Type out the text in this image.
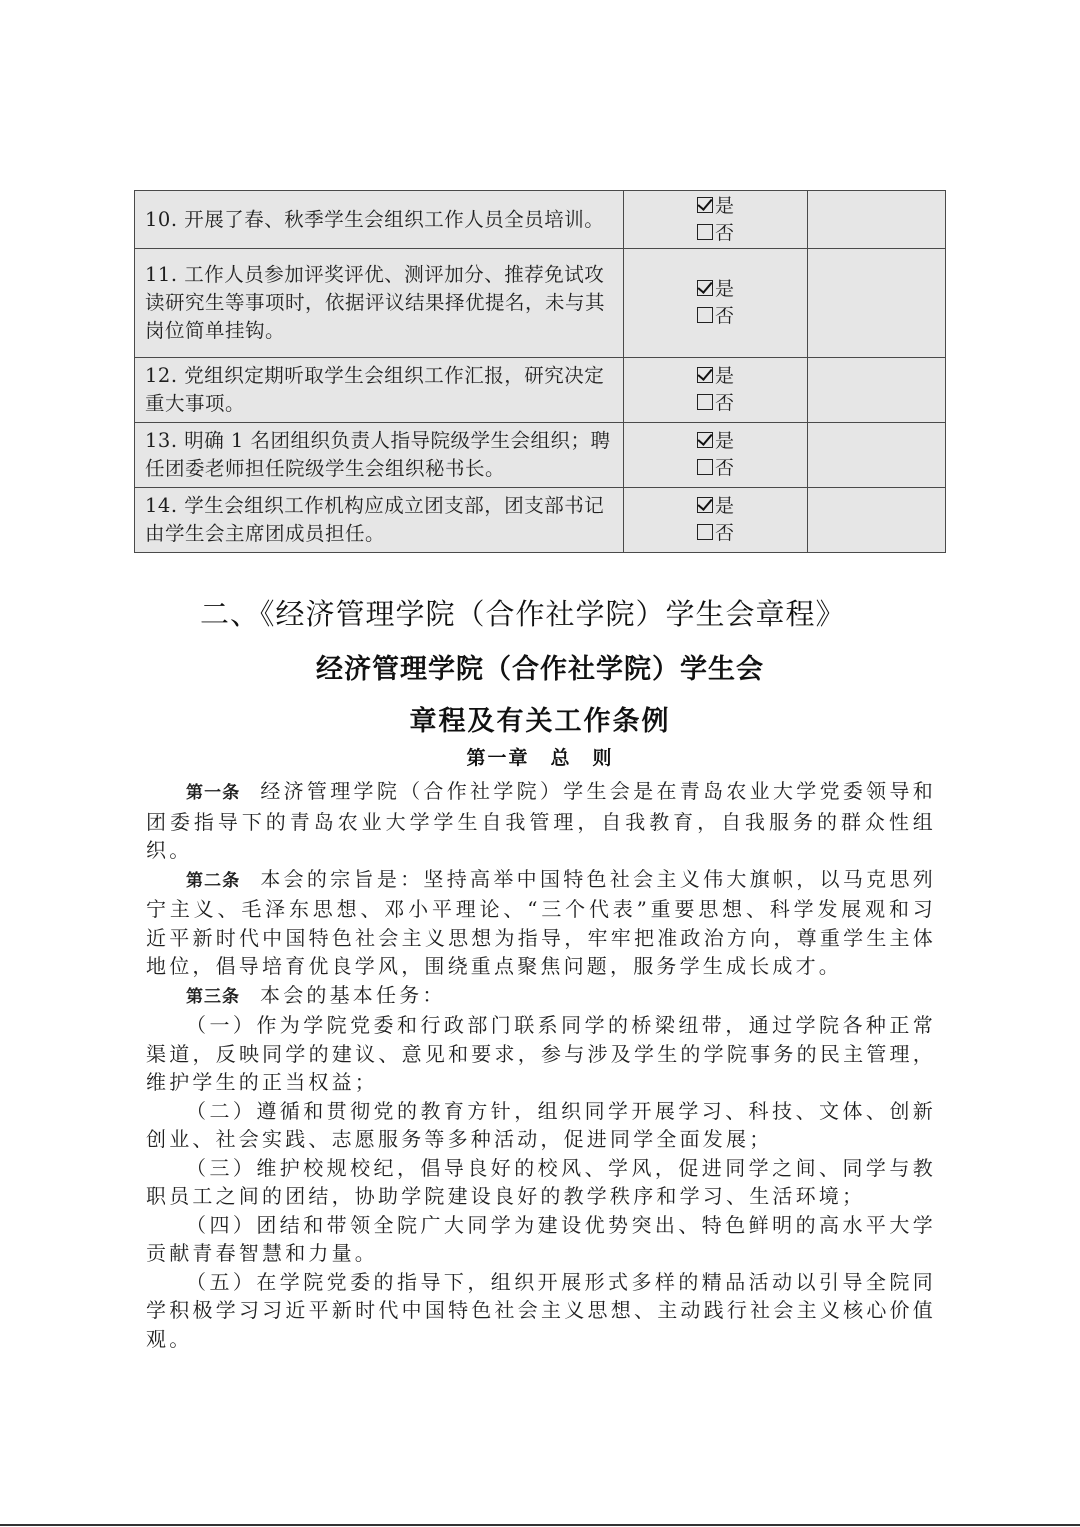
10. 开展了春、秋季学生会组织工作人员全员培训。	是
否	

11. 工作人员参加评奖评优、测评加分、推荐免试攻读研究生等事项时，依据评议结果择优提名，未与其岗位简单挂钩。	是
否	

12. 党组织定期听取学生会组织工作汇报，研究决定重大事项。	是
否	

13. 明确 1 名团组织负责人指导院级学生会组织；聘任团委老师担任院级学生会组织秘书长。	是
否	

14. 学生会组织工作机构应成立团支部，团支部书记由学生会主席团成员担任。	是
否	

二、《经济管理学院（合作社学院）学生会章程》
经济管理学院（合作社学院）学生会
章程及有关工作条例
第一章　总　则

第一条 经济管理学院（合作社学院）学生会是在青岛农业大学党委领导和团委指导下的青岛农业大学学生自我管理，自我教育，自我服务的群众性组织。

第二条 本会的宗旨是：坚持高举中国特色社会主义伟大旗帜，以马克思列宁主义、毛泽东思想、邓小平理论、“三个代表”重要思想、科学发展观和习近平新时代中国特色社会主义思想为指导，牢牢把准政治方向，尊重学生主体地位，倡导培育优良学风，围绕重点聚焦问题，服务学生成长成才。

第三条 本会的基本任务：

（一）作为学院党委和行政部门联系同学的桥梁纽带，通过学院各种正常渠道，反映同学的建议、意见和要求，参与涉及学生的学院事务的民主管理，维护学生的正当权益；

（二）遵循和贯彻党的教育方针，组织同学开展学习、科技、文体、创新创业、社会实践、志愿服务等多种活动，促进同学全面发展；

（三）维护校规校纪，倡导良好的校风、学风，促进同学之间、同学与教职员工之间的团结，协助学院建设良好的教学秩序和学习、生活环境；

（四）团结和带领全院广大同学为建设优势突出、特色鲜明的高水平大学贡献青春智慧和力量。

（五）在学院党委的指导下，组织开展形式多样的精品活动以引导全院同学积极学习习近平新时代中国特色社会主义思想、主动践行社会主义核心价值观。
